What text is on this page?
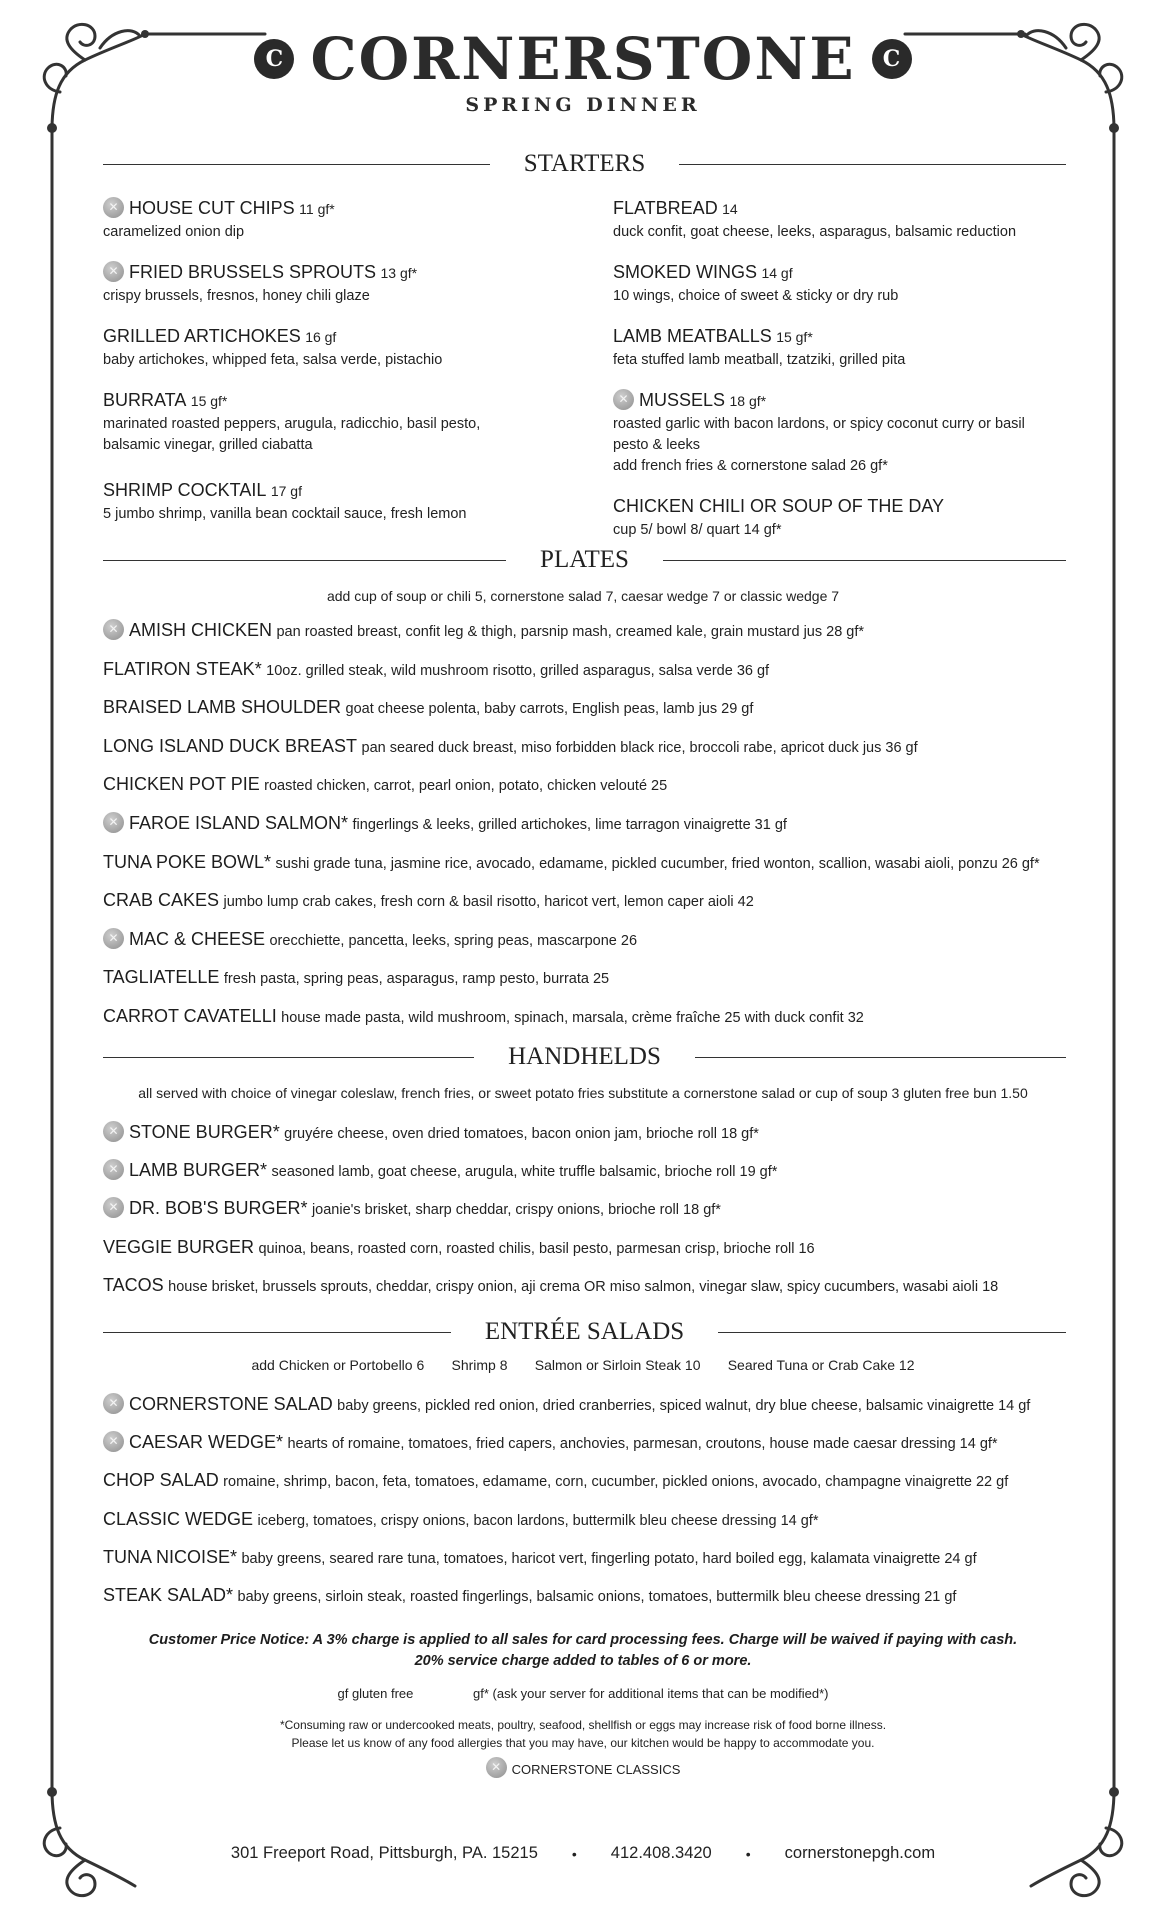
C CORNERSTONE	C
SPRING DINNER
STARTERS
✕HOUSE CUT CHIPS 11 gf*
caramelized onion dip
✕FRIED BRUSSELS SPROUTS 13 gf*
crispy brussels, fresnos, honey chili glaze
GRILLED ARTICHOKES 16 gf
baby artichokes, whipped feta, salsa verde, pistachio
BURRATA 15 gf*
marinated roasted peppers, arugula, radicchio, basil pesto, balsamic vinegar, grilled ciabatta
SHRIMP COCKTAIL 17 gf
5 jumbo shrimp, vanilla bean cocktail sauce, fresh lemon
FLATBREAD 14
duck confit, goat cheese, leeks, asparagus, balsamic reduction
SMOKED WINGS 14 gf
10 wings, choice of sweet & sticky or dry rub
LAMB MEATBALLS 15 gf*
feta stuffed lamb meatball, tzatziki, grilled pita
✕MUSSELS 18 gf*
roasted garlic with bacon lardons, or spicy coconut curry or basil pesto & leeks
add french fries & cornerstone salad 26 gf*
CHICKEN CHILI OR SOUP OF THE DAY
cup 5/ bowl 8/ quart 14 gf*
PLATES
add cup of soup or chili 5, cornerstone salad 7, caesar wedge 7 or classic wedge 7
✕AMISH CHICKEN pan roasted breast, confit leg & thigh, parsnip mash, creamed kale, grain mustard jus 28 gf*
FLATIRON STEAK* 10oz. grilled steak, wild mushroom risotto, grilled asparagus, salsa verde 36 gf
BRAISED LAMB SHOULDER goat cheese polenta, baby carrots, English peas, lamb jus 29 gf
LONG ISLAND DUCK BREAST pan seared duck breast, miso forbidden black rice, broccoli rabe, apricot duck jus 36 gf
CHICKEN POT PIE roasted chicken, carrot, pearl onion, potato, chicken velouté 25
✕FAROE ISLAND SALMON* fingerlings & leeks, grilled artichokes, lime tarragon vinaigrette 31 gf
TUNA POKE BOWL* sushi grade tuna, jasmine rice, avocado, edamame, pickled cucumber, fried wonton, scallion, wasabi aioli, ponzu 26 gf*
CRAB CAKES jumbo lump crab cakes, fresh corn & basil risotto, haricot vert, lemon caper aioli 42
✕MAC & CHEESE orecchiette, pancetta, leeks, spring peas, mascarpone 26
TAGLIATELLE fresh pasta, spring peas, asparagus, ramp pesto, burrata 25
CARROT CAVATELLI house made pasta, wild mushroom, spinach, marsala, crème fraîche 25 with duck confit 32
HANDHELDS
all served with choice of vinegar coleslaw, french fries, or sweet potato fries substitute a cornerstone salad or cup of soup 3 gluten free bun 1.50
✕STONE BURGER* gruyére cheese, oven dried tomatoes, bacon onion jam, brioche roll 18 gf*
✕LAMB BURGER* seasoned lamb, goat cheese, arugula, white truffle balsamic, brioche roll 19 gf*
✕DR. BOB'S BURGER* joanie's brisket, sharp cheddar, crispy onions, brioche roll 18 gf*
VEGGIE BURGER quinoa, beans, roasted corn, roasted chilis, basil pesto, parmesan crisp, brioche roll 16
TACOS house brisket, brussels sprouts, cheddar, crispy onion, aji crema OR miso salmon, vinegar slaw, spicy cucumbers, wasabi aioli 18
ENTRÉE SALADS
add Chicken or Portobello 6       Shrimp 8       Salmon or Sirloin Steak 10       Seared Tuna or Crab Cake 12
✕CORNERSTONE SALAD baby greens, pickled red onion, dried cranberries, spiced walnut, dry blue cheese, balsamic vinaigrette 14 gf
✕CAESAR WEDGE* hearts of romaine, tomatoes, fried capers, anchovies, parmesan, croutons, house made caesar dressing 14 gf*
CHOP SALAD romaine, shrimp, bacon, feta, tomatoes, edamame, corn, cucumber, pickled onions, avocado, champagne vinaigrette 22 gf
CLASSIC WEDGE iceberg, tomatoes, crispy onions, bacon lardons, buttermilk bleu cheese dressing 14 gf*
TUNA NICOISE* baby greens, seared rare tuna, tomatoes, haricot vert, fingerling potato, hard boiled egg, kalamata vinaigrette 24 gf
STEAK SALAD* baby greens, sirloin steak, roasted fingerlings, balsamic onions, tomatoes, buttermilk bleu cheese dressing 21 gf
Customer Price Notice: A 3% charge is applied to all sales for card processing fees. Charge will be waived if paying with cash.
20% service charge added to tables of 6 or more.
gf gluten free	gf* (ask your server for additional items that can be modified*)
*Consuming raw or undercooked meats, poultry, seafood, shellfish or eggs may increase risk of food borne illness.
Please let us know of any food allergies that you may have, our kitchen would be happy to accommodate you.
✕CORNERSTONE CLASSICS
301 Freeport Road, Pittsburgh, PA. 15215 • 412.408.3420 • cornerstonepgh.com
